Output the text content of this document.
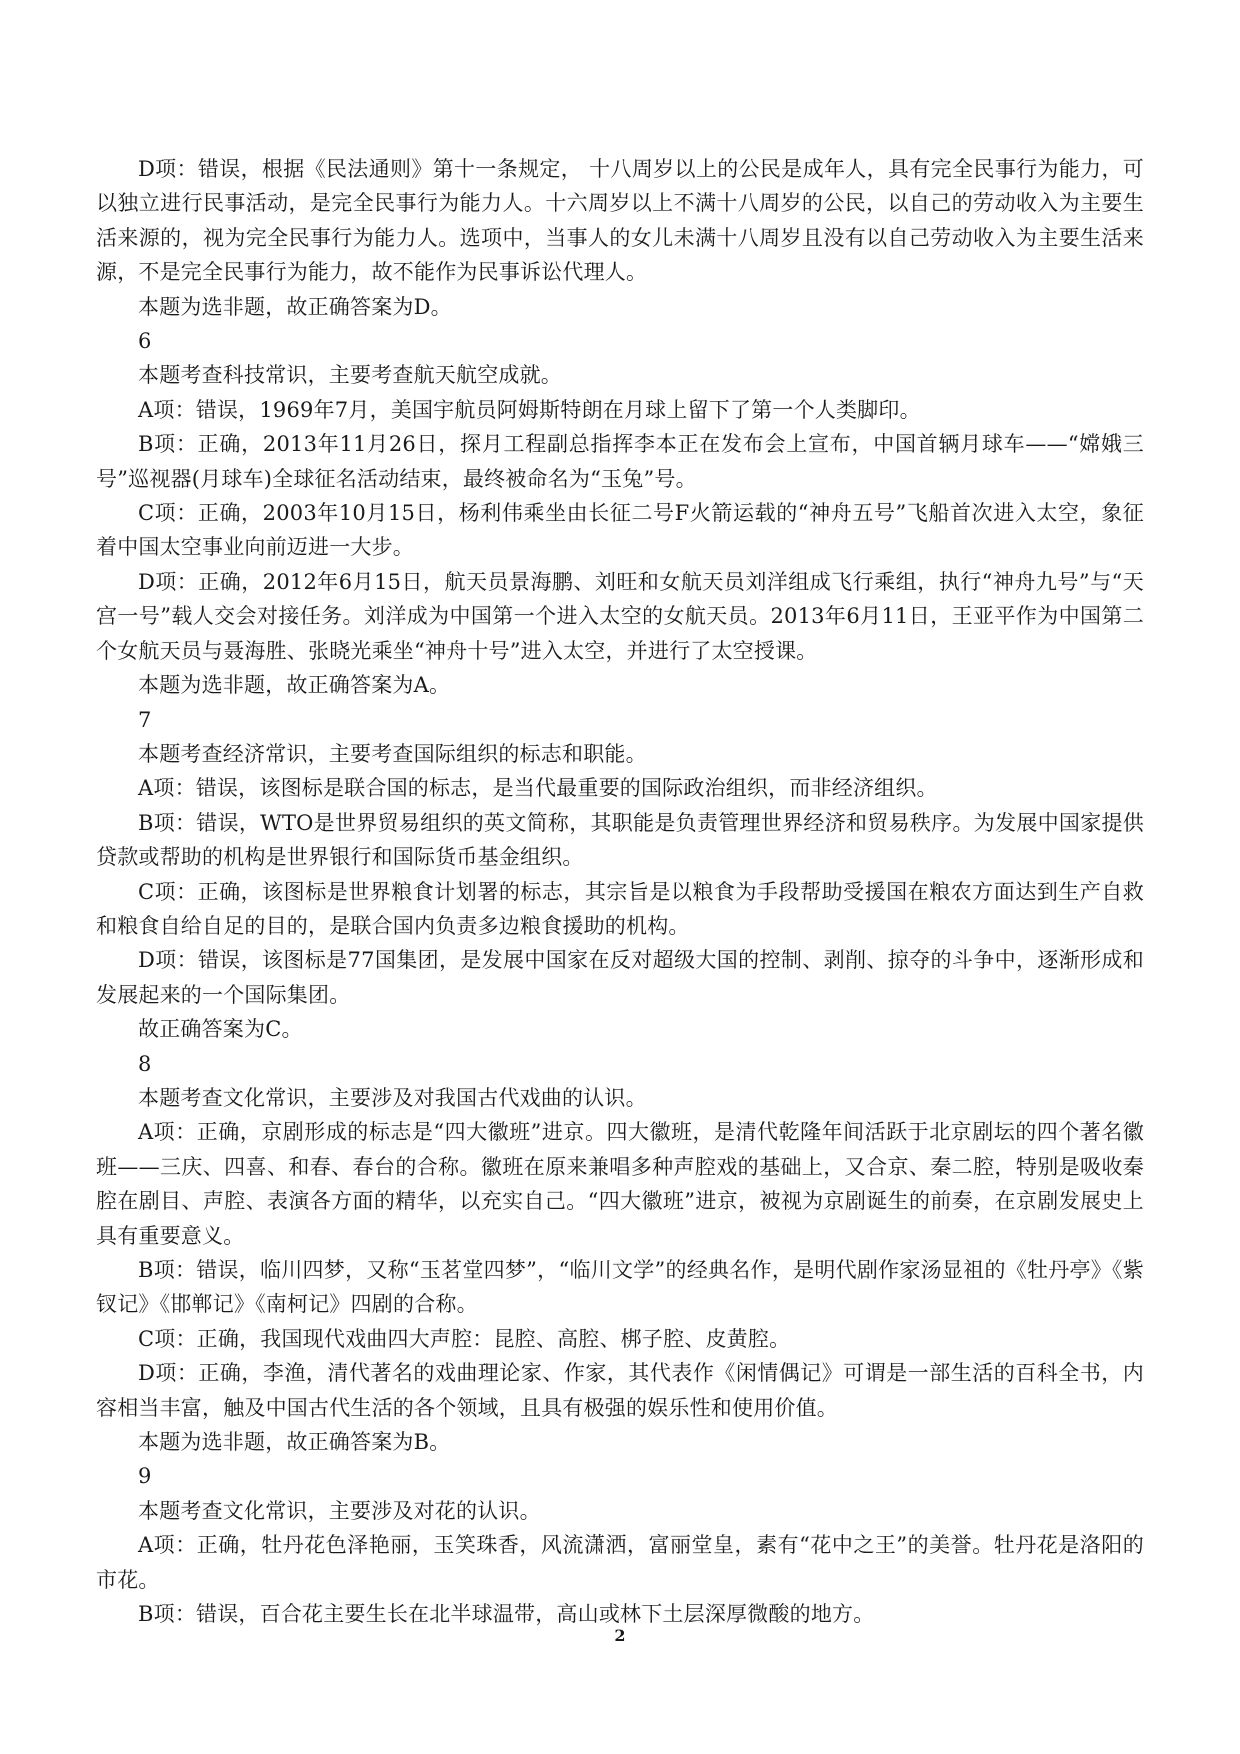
D项：错误，根据《民法通则》第十一条规定， 十八周岁以上的公民是成年人，具有完全民事行为能力，可以独立进行民事活动，是完全民事行为能力人。十六周岁以上不满十八周岁的公民，以自己的劳动收入为主要生活来源的，视为完全民事行为能力人。选项中，当事人的女儿未满十八周岁且没有以自己劳动收入为主要生活来源，不是完全民事行为能力，故不能作为民事诉讼代理人。

本题为选非题，故正确答案为D。

6

本题考查科技常识，主要考查航天航空成就。

A项：错误，1969年7月，美国宇航员阿姆斯特朗在月球上留下了第一个人类脚印。

B项：正确，2013年11月26日，探月工程副总指挥李本正在发布会上宣布，中国首辆月球车——“嫦娥三号”巡视器(月球车)全球征名活动结束，最终被命名为“玉兔”号。

C项：正确，2003年10月15日，杨利伟乘坐由长征二号F火箭运载的“神舟五号”飞船首次进入太空，象征着中国太空事业向前迈进一大步。

D项：正确，2012年6月15日，航天员景海鹏、刘旺和女航天员刘洋组成飞行乘组，执行“神舟九号”与“天宫一号”载人交会对接任务。刘洋成为中国第一个进入太空的女航天员。2013年6月11日，王亚平作为中国第二个女航天员与聂海胜、张晓光乘坐“神舟十号”进入太空，并进行了太空授课。

本题为选非题，故正确答案为A。

7

本题考查经济常识，主要考查国际组织的标志和职能。

A项：错误，该图标是联合国的标志，是当代最重要的国际政治组织，而非经济组织。

B项：错误，WTO是世界贸易组织的英文简称，其职能是负责管理世界经济和贸易秩序。为发展中国家提供贷款或帮助的机构是世界银行和国际货币基金组织。

C项：正确，该图标是世界粮食计划署的标志，其宗旨是以粮食为手段帮助受援国在粮农方面达到生产自救和粮食自给自足的目的，是联合国内负责多边粮食援助的机构。

D项：错误，该图标是77国集团，是发展中国家在反对超级大国的控制、剥削、掠夺的斗争中，逐渐形成和发展起来的一个国际集团。

故正确答案为C。

8

本题考查文化常识，主要涉及对我国古代戏曲的认识。

A项：正确，京剧形成的标志是“四大徽班”进京。四大徽班，是清代乾隆年间活跃于北京剧坛的四个著名徽班——三庆、四喜、和春、春台的合称。徽班在原来兼唱多种声腔戏的基础上，又合京、秦二腔，特别是吸收秦腔在剧目、声腔、表演各方面的精华，以充实自己。“四大徽班”进京，被视为京剧诞生的前奏，在京剧发展史上具有重要意义。

B项：错误，临川四梦，又称“玉茗堂四梦”，“临川文学”的经典名作，是明代剧作家汤显祖的《牡丹亭》《紫钗记》《邯郸记》《南柯记》四剧的合称。

C项：正确，我国现代戏曲四大声腔：昆腔、高腔、梆子腔、皮黄腔。

D项：正确，李渔，清代著名的戏曲理论家、作家，其代表作《闲情偶记》可谓是一部生活的百科全书，内容相当丰富，触及中国古代生活的各个领域，且具有极强的娱乐性和使用价值。

本题为选非题，故正确答案为B。

9

本题考查文化常识，主要涉及对花的认识。

A项：正确，牡丹花色泽艳丽，玉笑珠香，风流潇洒，富丽堂皇，素有“花中之王”的美誉。牡丹花是洛阳的市花。

B项：错误，百合花主要生长在北半球温带，高山或林下土层深厚微酸的地方。

2
